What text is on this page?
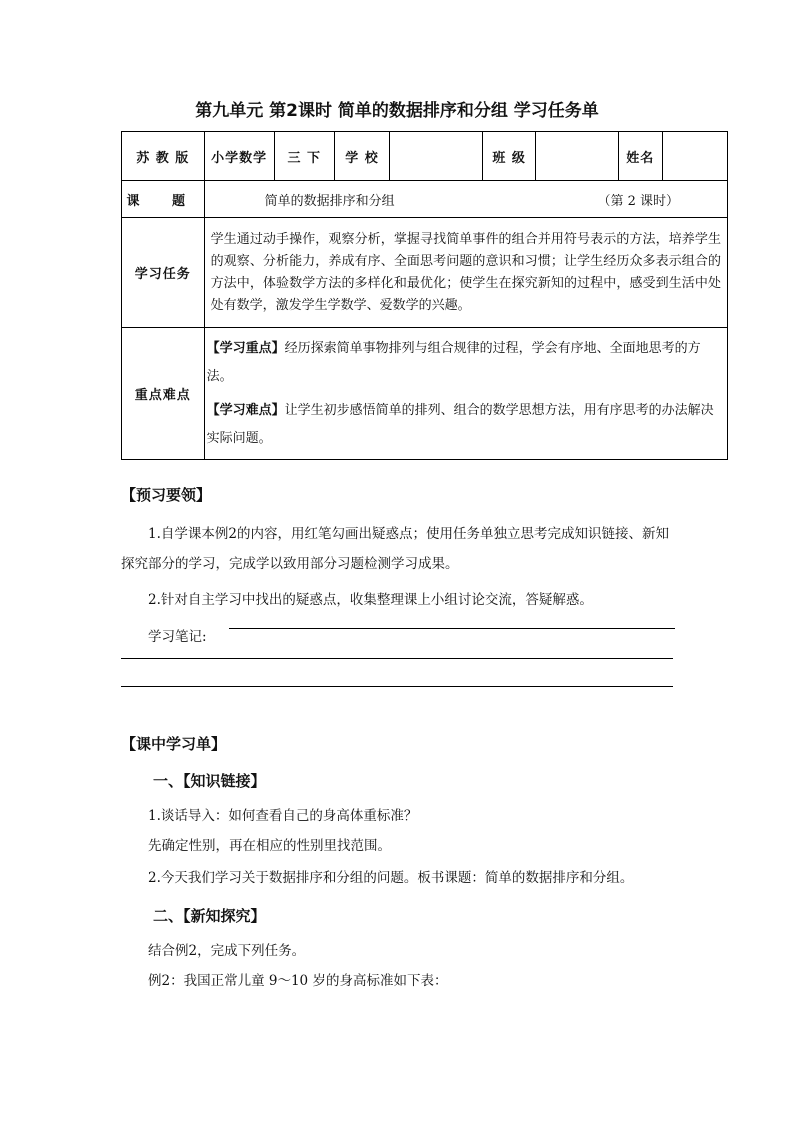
第九单元 第2课时 简单的数据排序和分组 学习任务单
苏 教 版	小学数学	三 下	学 校		班 级		姓名	
课 题	简单的数据排序和分组 （第 2 课时）							

学习任务	学生通过动手操作，观察分析，掌握寻找简单事件的组合并用符号表示的方法，培养学生的观察、分析能力，养成有序、全面思考问题的意识和习惯；让学生经历众多表示组合的方法中，体验数学方法的多样化和最优化；使学生在探究新知的过程中，感受到生活中处处有数学，激发学生学数学、爱数学的兴趣。							
重点难点	【学习重点】经历探索简单事物排列与组合规律的过程，学会有序地、全面地思考的方法。

【学习难点】让学生初步感悟简单的排列、组合的数学思想方法，用有序思考的办法解决实际问题。							

【预习要领】

1.自学课本例2的内容，用红笔勾画出疑惑点；使用任务单独立思考完成知识链接、新知探究部分的学习，完成学以致用部分习题检测学习成果。

2.针对自主学习中找出的疑惑点，收集整理课上小组讨论交流，答疑解惑。

学习笔记:

【课中学习单】

一、【知识链接】

1.谈话导入：如何查看自己的身高体重标准？

先确定性别，再在相应的性别里找范围。

2.今天我们学习关于数据排序和分组的问题。板书课题：简单的数据排序和分组。

二、【新知探究】

结合例2，完成下列任务。

例2：我国正常儿童 9～10 岁的身高标准如下表：
